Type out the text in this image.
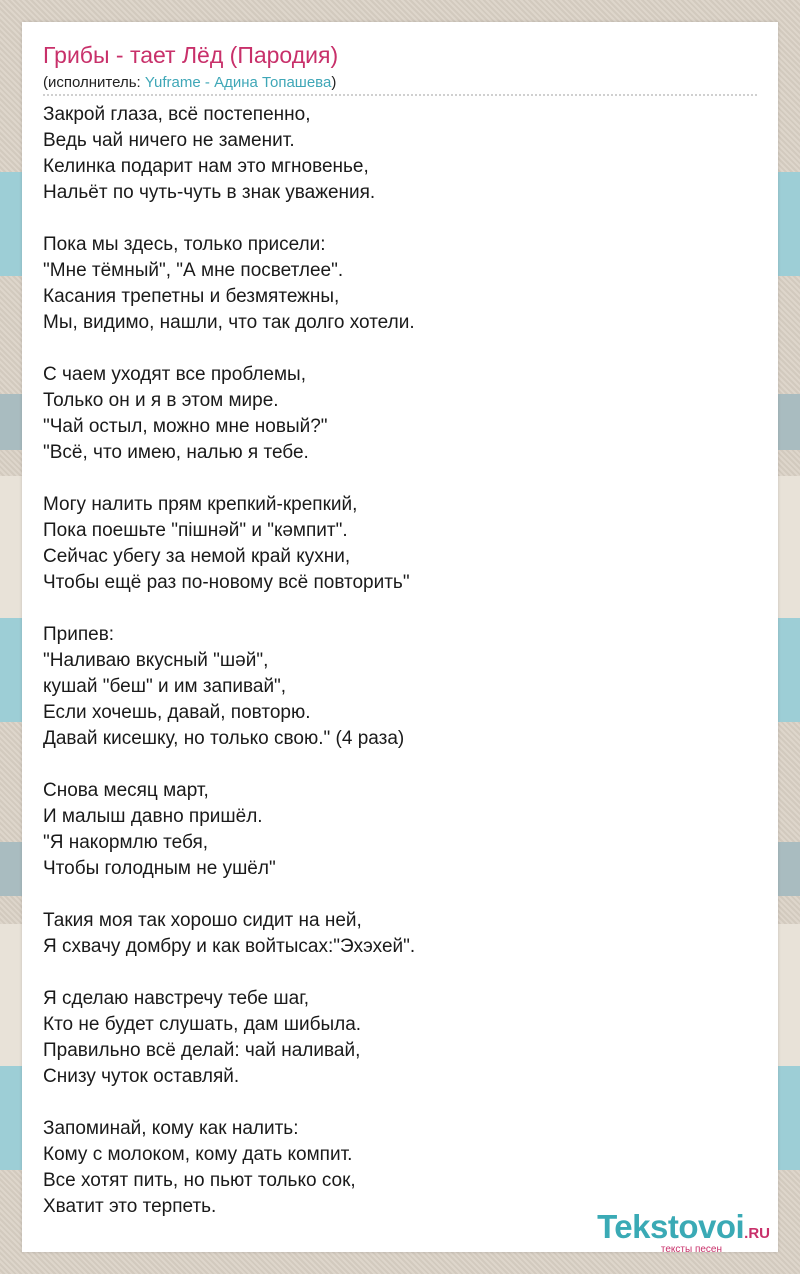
Грибы - тает Лёд (Пародия)
(исполнитель: Yuframe - Адина Топашева)
Закрой глаза, всё постепенно,
Ведь чай ничего не заменит.
Келинка подарит нам это мгновенье,
Нальёт по чуть-чуть в знак уважения.
Пока мы здесь, только присели:
"Мне тёмный", "А мне посветлее".
Касания трепетны и безмятежны,
Мы, видимо, нашли, что так долго хотели.
С чаем уходят все проблемы,
Только он и я в этом мире.
"Чай остыл, можно мне новый?"
"Всё, что имею, налью я тебе.
Могу налить прям крепкий-крепкий,
Пока поешьте "пiшнәй" и "кәмпит".
Сейчас убегу за немой край кухни,
Чтобы ещё раз по-новому всё повторить"
Припев:
"Наливаю вкусный "шәй",
кушай "беш" и им запивай",
Если хочешь, давай, повторю.
Давай кисешку, но только свою." (4 раза)
Снова месяц март,
И малыш давно пришёл.
"Я накормлю тебя,
Чтобы голодным не ушёл"
Такия моя так хорошо сидит на ней,
Я схвачу домбру и как войтысах:"Эхэхей".
Я сделаю навстречу тебе шаг,
Кто не будет слушать, дам шибыла.
Правильно всё делай: чай наливай,
Снизу чуток оставляй.
Запоминай, кому как налить:
Кому с молоком, кому дать компит.
Все хотят пить, но пьют только сок,
Хватит это терпеть.
Tekstovoi.RU
тексты песен
